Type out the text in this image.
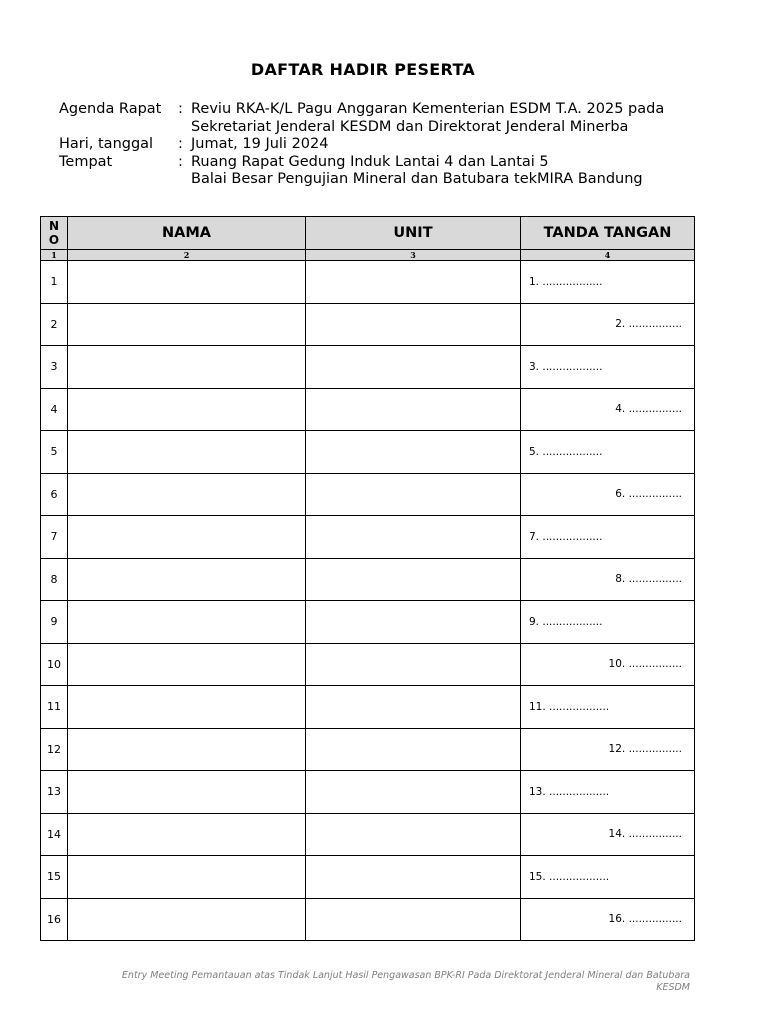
DAFTAR HADIR PESERTA
Agenda Rapat	: Reviu RKA-K/L Pagu Anggaran Kementerian ESDM T.A. 2025 pada
Sekretariat Jenderal KESDM dan Direktorat Jenderal Minerba
Hari, tanggal	: Jumat, 19 Juli 2024
Tempat	: Ruang Rapat Gedung Induk Lantai 4 dan Lantai 5
Balai Besar Pengujian Mineral dan Batubara tekMIRA Bandung
N
O	NAMA	UNIT	TANDA TANGAN
1	2	3	4
1			1. ..................

2			2. ................

3			3. ..................

4			4. ................

5			5. ..................

6			6. ................

7			7. ..................

8			8. ................

9			9. ..................

10			10. ................

11			11. ..................

12			12. ................

13			13. ..................

14			14. ................

15			15. ..................

16			16. ................
Entry Meeting Pemantauan atas Tindak Lanjut Hasil Pengawasan BPK-RI Pada Direktorat Jenderal Mineral dan Batubara
KESDM
